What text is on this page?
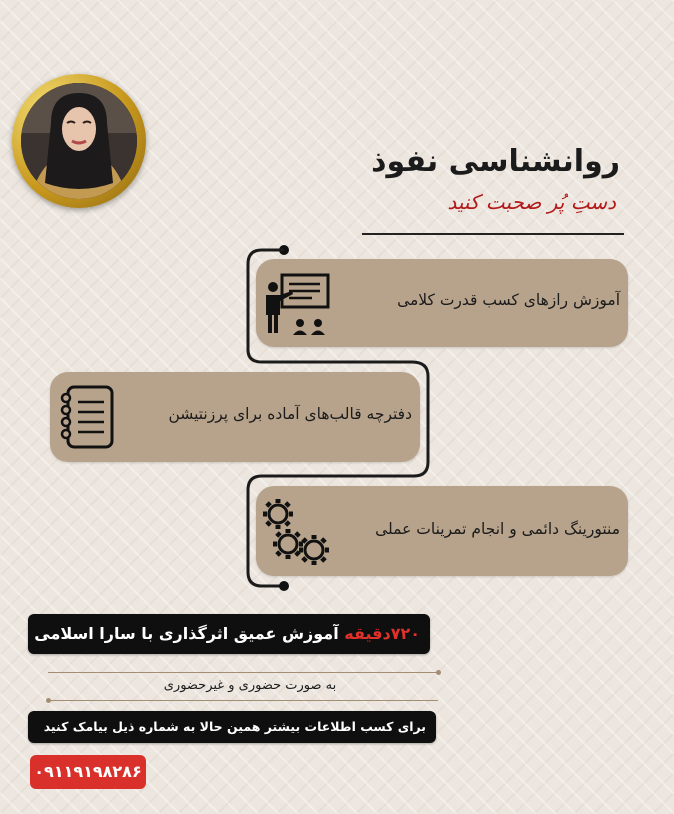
روانشناسی نفوذ
دستِ پُر صحبت کنید
آموزش رازهای کسب قدرت کلامی
دفترچه قالب‌های آماده برای پرزنتیشن
منتورینگ دائمی و انجام تمرینات عملی
۷۲۰دقیقه آموزش عمیق اثرگذاری با سارا اسلامی
به صورت حضوری و غیرحضوری
برای کسب اطلاعات بیشتر همین حالا به شماره ذیل بیامک کنید
۰۹۱۱۹۱۹۸۲۸۶
